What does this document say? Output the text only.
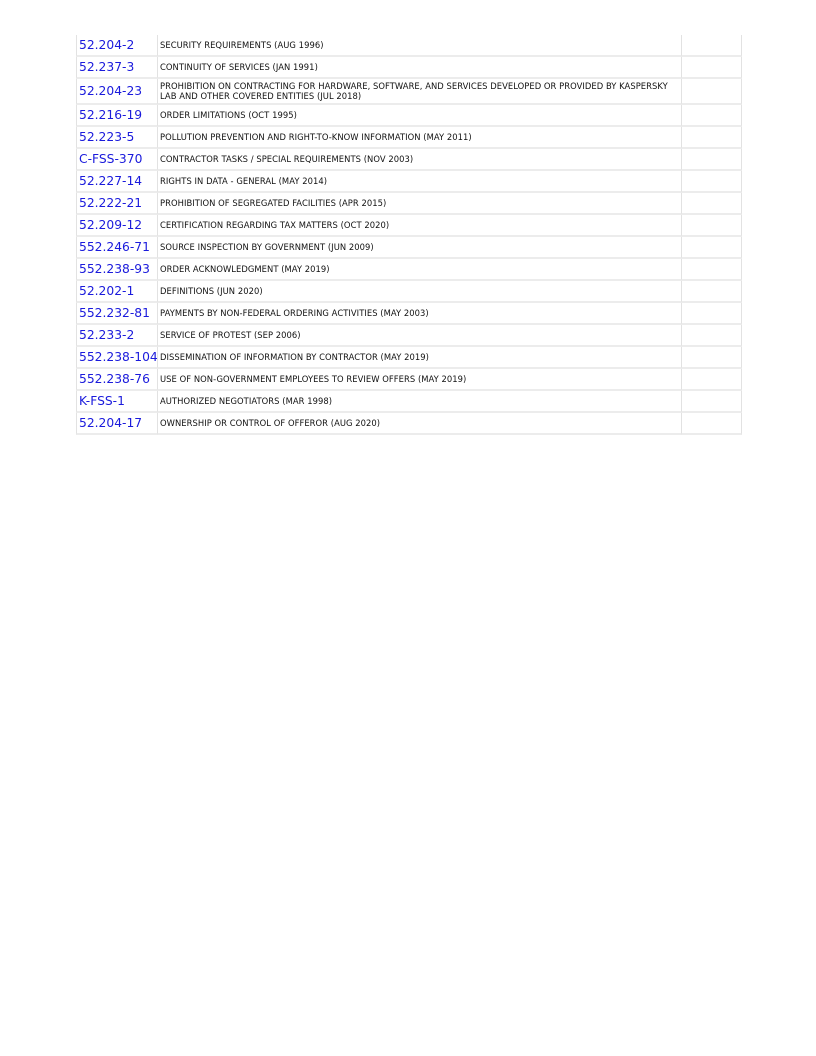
52.204-2	SECURITY REQUIREMENTS (AUG 1996)	
52.237-3	CONTINUITY OF SERVICES (JAN 1991)	
52.204-23	PROHIBITION ON CONTRACTING FOR HARDWARE, SOFTWARE, AND SERVICES DEVELOPED OR PROVIDED BY KASPERSKY LAB AND OTHER COVERED ENTITIES (JUL 2018)	
52.216-19	ORDER LIMITATIONS (OCT 1995)	
52.223-5	POLLUTION PREVENTION AND RIGHT-TO-KNOW INFORMATION (MAY 2011)	
C-FSS-370	CONTRACTOR TASKS / SPECIAL REQUIREMENTS (NOV 2003)	
52.227-14	RIGHTS IN DATA - GENERAL (MAY 2014)	
52.222-21	PROHIBITION OF SEGREGATED FACILITIES (APR 2015)	
52.209-12	CERTIFICATION REGARDING TAX MATTERS (OCT 2020)	
552.246-71	SOURCE INSPECTION BY GOVERNMENT (JUN 2009)	
552.238-93	ORDER ACKNOWLEDGMENT (MAY 2019)	
52.202-1	DEFINITIONS (JUN 2020)	
552.232-81	PAYMENTS BY NON-FEDERAL ORDERING ACTIVITIES (MAY 2003)	
52.233-2	SERVICE OF PROTEST (SEP 2006)	
552.238-104	DISSEMINATION OF INFORMATION BY CONTRACTOR (MAY 2019)	
552.238-76	USE OF NON-GOVERNMENT EMPLOYEES TO REVIEW OFFERS (MAY 2019)	
K-FSS-1	AUTHORIZED NEGOTIATORS (MAR 1998)	
52.204-17	OWNERSHIP OR CONTROL OF OFFEROR (AUG 2020)	
